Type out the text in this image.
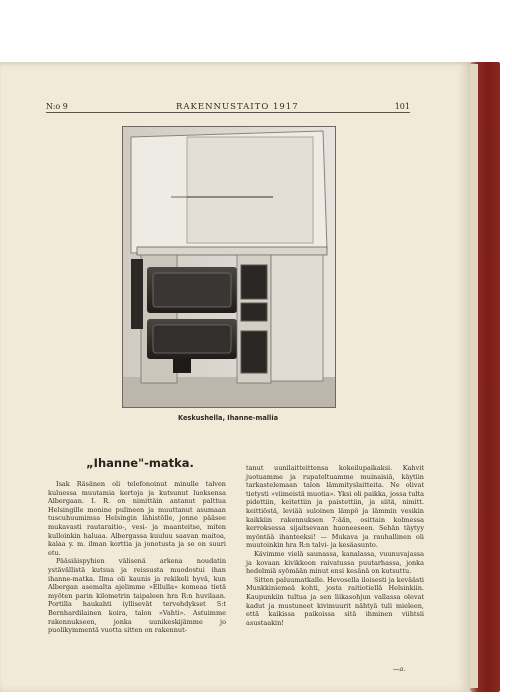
N:o 9	RAKENNUSTAITO 1917	101
Keskushella, Ihanne-mallia
„Ihanne"-matka.

Isak Räsänen oli telefonoinut minulle talven kuluessa muutamia kertoja ja kutsunut luoksensa Albergaan. I. R. on nimittäin antanut palttua Helsingille monine pulineen ja muuttanut asumaan tuscuhuumimsa Helsingin lähistölle, jonne pääsee mukavasti rautaraitio-, vesi- ja maanteitse, miten kulloinkin haluaa. Albergassa kuuluu saavan maitoa, kalaa y. m. ilman korttia ja jonotusta ja se on suuri etu.

Pääsiäispyhien välisenä arkena noudatin ystävällistä kutsua ja reissusta muodostui ihan ihanne-matka. Ilma oli kaunis ja rekikeli hyvä, kun Albergan asemalta ajelimme »Ellulla» komeaa tietä myöten parin kilometrin taipaleen hra R:n huvilaan. Portilla haukahti iyllisevät tervehdykset S:t Bernhardilainen koira, talon »Vahti». Astuimme rakennukseen, jonka uunikeskijämme jo puolikymmentä vuotta sitten on rakennut-

tanut uunilaitteittensa kokeilupaikaksi. Kahvit juotuamme ja rupateltuamme muinaisiä, käytiin tarkastelemaan talon lämmityslaitteita. Ne olivat tietysti »viimeistä muotia». Yksi oli paikka, jossa tulta pidettiin, keitettiin ja paistettiin, ja siitä, nimitt. keittiöstä, leviää suloinen lämpö ja lämmin vesikin kaikkiin rakennuksen 7:ään, osittain kolmessa kerroksessa sijaitsevaan huoneeseen. Sehän täytyy myöntää ihanteeksi! — Mukava ja rauhallinen oli muutoinkin hra R:n talvi- ja kesäasunto.

Kävimme vielä saunassa, kanalassa, vuunuvajassa ja kovaan kivikkoon raivatussa puutarhassa, jonka hedelmiä syömään minut ensi kesänä on kutsuttu.

Sitten paluumatkalle. Hevosella iloisesti ja keväästi Munkkiniemeä kohti, josta raitiotiellä Helsinkiin. Kaupunkiin tultua ja sen liikasohjun vallassa olevat kadut ja mustuneet kivimuurit nähtyä tuli mieleen, että kaikissa paikoissa sitä ihminen viihtsii asustaakin!

—a.
